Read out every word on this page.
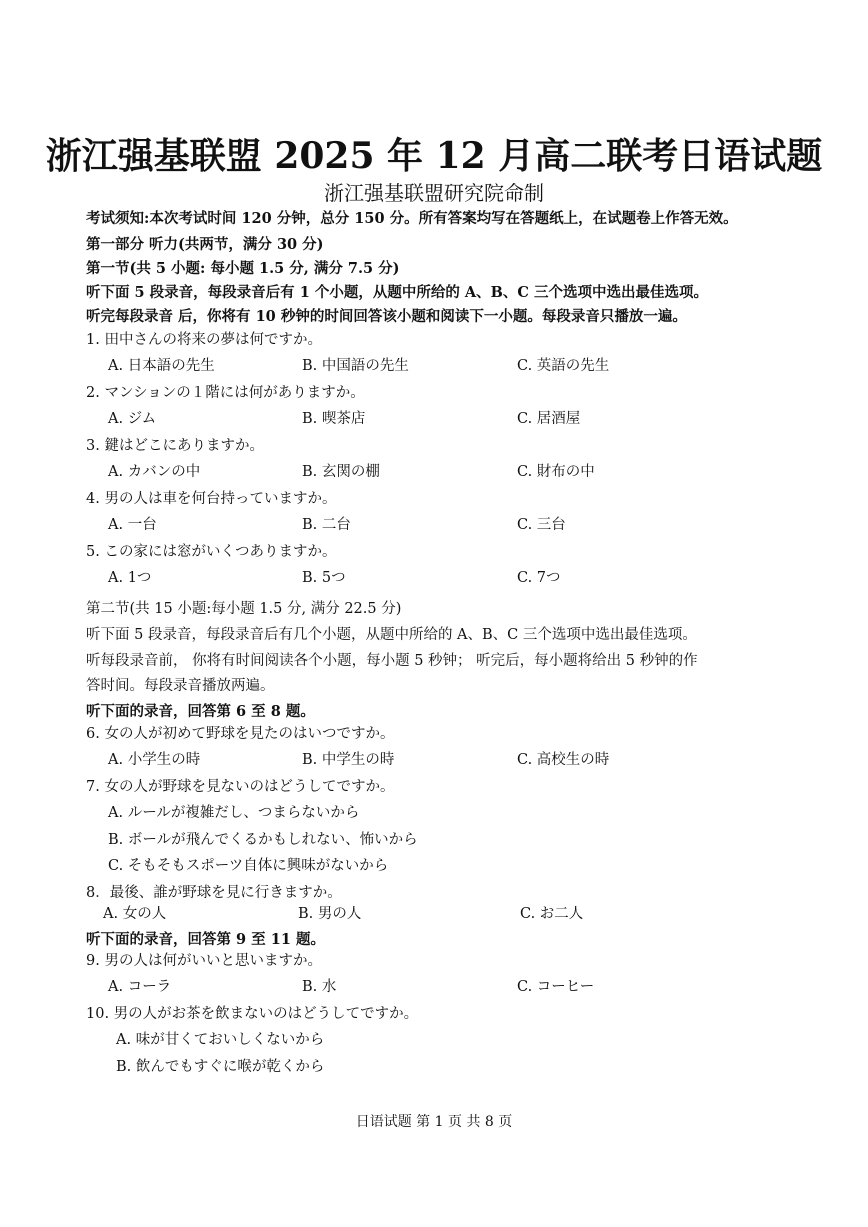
浙江强基联盟 2025 年 12 月高二联考日语试题
浙江强基联盟研究院命制
考试须知:本次考试时间 120 分钟，总分 150 分。所有答案均写在答题纸上，在试题卷上作答无效。
第一部分 听力(共两节，满分 30 分)
第一节(共 5 小题: 每小题 1.5 分, 满分 7.5 分)
听下面 5 段录音，每段录音后有 1 个小题，从题中所给的 A、B、C 三个选项中选出最佳选项。
听完每段录音 后，你将有 10 秒钟的时间回答该小题和阅读下一小题。每段录音只播放一遍。
1. 田中さんの将来の夢は何ですか。
A. 日本語の先生	B. 中国語の先生	C. 英語の先生
2. マンションの１階には何がありますか。
A. ジム	B. 喫茶店	C. 居酒屋
3. 鍵はどこにありますか。
A. カバンの中	B. 玄関の棚	C. 財布の中
4. 男の人は車を何台持っていますか。
A. 一台	B. 二台	C. 三台
5. この家には窓がいくつありますか。
A. 1つ	B. 5つ	C. 7つ
第二节(共 15 小题:每小题 1.5 分, 满分 22.5 分)
听下面 5 段录音，每段录音后有几个小题，从题中所给的 A、B、C 三个选项中选出最佳选项。
听每段录音前， 你将有时间阅读各个小题，每小题 5 秒钟； 听完后，每小题将给出 5 秒钟的作
答时间。每段录音播放两遍。
听下面的录音，回答第 6 至 8 题。
6. 女の人が初めて野球を見たのはいつですか。
A. 小学生の時	B. 中学生の時	C. 高校生の時
7. 女の人が野球を見ないのはどうしてですか。
A. ルールが複雑だし、つまらないから
B. ボールが飛んでくるかもしれない、怖いから
C. そもそもスポーツ自体に興味がないから
8．最後、誰が野球を見に行きますか。
A. 女の人	B. 男の人	C. お二人
听下面的录音，回答第 9 至 11 题。
9. 男の人は何がいいと思いますか。
A. コーラ	B. 水	C. コーヒー
10. 男の人がお茶を飲まないのはどうしてですか。
A. 味が甘くておいしくないから
B. 飲んでもすぐに喉が乾くから
日语试题 第 1 页 共 8 页
